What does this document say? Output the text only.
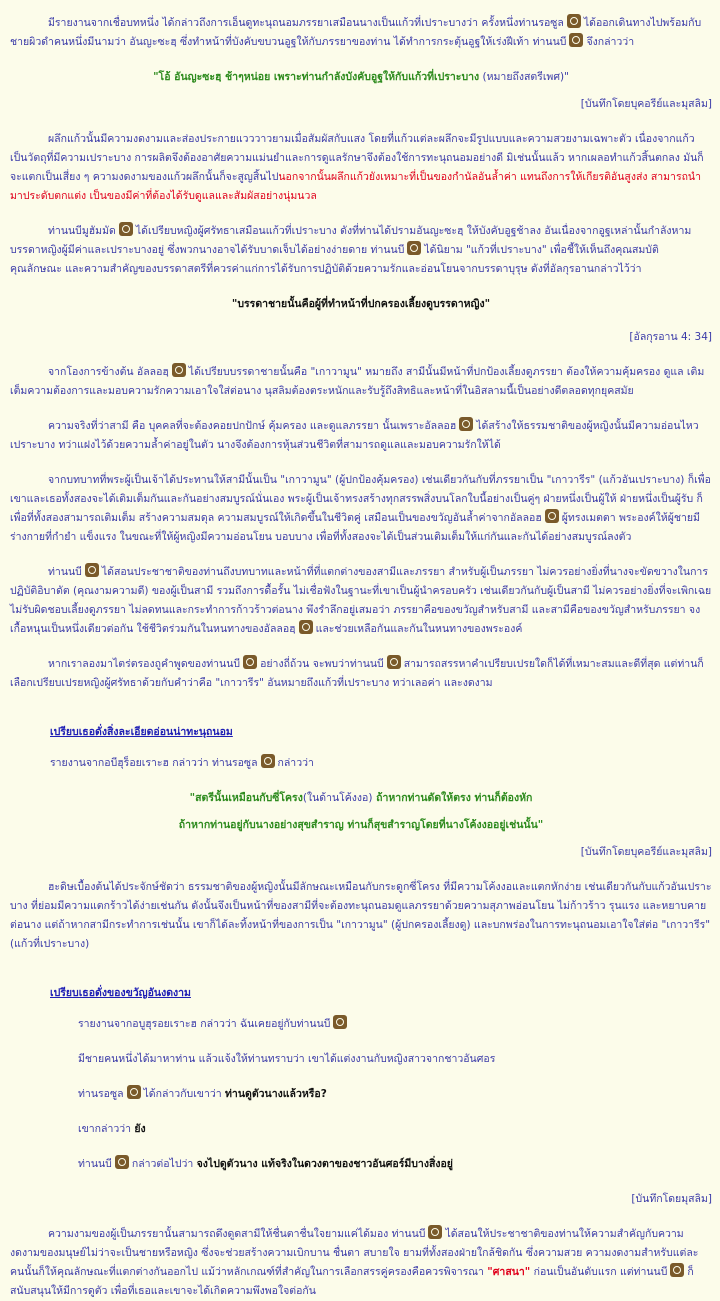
มีรายงานจากเชื่อบทหนึ่ง ได้กล่าวถึงการเอ็นดูทะนุถนอมภรรยาเสมือนนางเป็นแก้วที่เปราะบางว่า ครั้งหนึ่งท่านรอซูล ได้ออกเดินทางไปพร้อมกับชายผิวดำคนหนึ่งมีนามว่า อันญะซะฮฺ ซึ่งทำหน้าที่บังคับขบวนอูฐให้กับภรรยาของท่าน ได้ทำการกระตุ้นอูฐให้เร่งฝีเท้า ท่านนบี จึงกล่าวว่า

"โอ้ อันญะซะฮฺ ช้าๆหน่อย เพราะท่านกำลังบังคับอูฐให้กับแก้วที่เปราะบาง (หมายถึงสตรีเพศ)"

[บันทึกโดยบุคอรีย์และมุสลิม]

ผลึกแก้วนั้นมีความงดงามและส่องประกายแวววาวยามเมื่อสัมผัสกับแสง โดยที่แก้วแต่ละผลึกจะมีรูปแบบและความสวยงามเฉพาะตัว เนื่องจากแก้วเป็นวัตถุที่มีความเปราะบาง การผลิตจึงต้องอาศัยความแม่นยำและการดูแลรักษาจึงต้องใช้การทะนุถนอมอย่างดี มิเช่นนั้นแล้ว หากเผลอทำแก้วสิ้นตกลง มันก็จะแตกเป็นเสี่ยง ๆ ความงดงามของแก้วผลึกนั้นก็จะสูญสิ้นไปนอกจากนั้นผลึกแก้วยังเหมาะที่เป็นของกำนัลอันล้ำค่า แทนถึงการให้เกียรติอันสูงส่ง สามารถนำมาประดับตกแต่ง เป็นของมีค่าที่ต้องได้รับดูแลและสัมผัสอย่างนุ่มนวล

ท่านนบีมูฮัมมัด ได้เปรียบหญิงผู้ศรัทธาเสมือนแก้วที่เปราะบาง ดังที่ท่านได้ปรามอันญะซะฮฺ ให้บังคับอูฐช้าลง อันเนื่องจากอูฐเหล่านั้นกำลังหามบรรดาหญิงผู้มีค่าและเปราะบางอยู่ ซึ่งพวกนางอาจได้รับบาดเจ็บได้อย่างง่ายดาย ท่านนบี ได้นิยาม "แก้วที่เปราะบาง" เพื่อชี้ให้เห็นถึงคุณสมบัติ คุณลักษณะ และความสำคัญของบรรดาสตรีที่ควรค่าแก่การได้รับการปฏิบัติด้วยความรักและอ่อนโยนจากบรรดาบุรุษ ดังที่อัลกุรอานกล่าวไว้ว่า

"บรรดาชายนั้นคือผู้ที่ทำหน้าที่ปกครองเลี้ยงดูบรรดาหญิง"

[อัลกุรอาน 4: 34]

จากโองการข้างต้น อัลลอฮฺ ได้เปรียบบรรดาชายนั้นคือ "เกาวามูน" หมายถึง สามีนั้นมีหน้าที่ปกป้องเลี้ยงดูภรรยา ต้องให้ความคุ้มครอง ดูแล เติมเต็มความต้องการและมอบความรักความเอาใจใส่ต่อนาง นุสลิมต้องตระหนักและรับรู้ถึงสิทธิและหน้าที่ในอิสลามนี้เป็นอย่างดีตลอดทุกยุคสมัย

ความจริงที่ว่าสามี คือ บุคคลที่จะต้องคอยปกปักษ์ คุ้มครอง และดูแลภรรยา นั้นเพราะอัลลอฮ ได้สร้างให้ธรรมชาติของผู้หญิงนั้นมีความอ่อนไหวเปราะบาง ทว่าแฝงไว้ด้วยความล้ำค่าอยู่ในตัว นางจึงต้องการหุ้นส่วนชีวิตที่สามารถดูแลและมอบความรักให้ได้

จากบทบาทที่พระผู้เป็นเจ้าได้ประทานให้สามีนั้นเป็น "เกาวามูน" (ผู้ปกป้องคุ้มครอง) เช่นเดียวกันกับที่ภรรยาเป็น "เกาวารีร" (แก้วอันเปราะบาง) ก็เพื่อเขาและเธอทั้งสองจะได้เติมเต็มกันและกันอย่างสมบูรณ์นั่นเอง พระผู้เป็นเจ้าทรงสร้างทุกสรรพสิ่งบนโลกใบนี้อย่างเป็นคู่ๆ ฝ่ายหนึ่งเป็นผู้ให้ ฝ่ายหนึ่งเป็นผู้รับ ก็เพื่อที่ทั้งสองสามารถเติมเต็ม สร้างความสมดุล ความสมบูรณ์ให้เกิดขึ้นในชีวิตคู่ เสมือนเป็นของขวัญอันล้ำค่าจากอัลลอฮ ผู้ทรงเมตตา พระองค์ให้ผู้ชายมีร่างกายที่กำยำ แข็งแรง ในขณะที่ให้ผู้หญิงมีความอ่อนโยน บอบบาง เพื่อที่ทั้งสองจะได้เป็นส่วนเติมเต็มให้แก่กันและกันได้อย่างสมบูรณ์ลงตัว

ท่านนบี ได้สอนประชาชาติของท่านถึงบทบาทและหน้าที่ที่แตกต่างของสามีและภรรยา สำหรับผู้เป็นภรรยา ไม่ควรอย่างยิ่งที่นางจะขัดขวางในการปฏิบัติอิบาดัต (คุณงามความดี) ของผู้เป็นสามี รวมถึงการดื้อรั้น ไม่เชื่อฟังในฐานะที่เขาเป็นผู้นำครอบครัว เช่นเดียวกันกับผู้เป็นสามี ไม่ควรอย่างยิ่งที่จะเพิกเฉย ไม่รับผิดชอบเลี้ยงดูภรรยา ไม่ลดทนและกระทำการก้าวร้าวต่อนาง พึงรำลึกอยู่เสมอว่า ภรรยาคือของขวัญสำหรับสามี และสามีคือของขวัญสำหรับภรรยา จงเกื้อหนุนเป็นหนึ่งเดียวต่อกัน ใช้ชีวิตร่วมกันในหนทางของอัลลอฮฺ และช่วยเหลือกันและกันในหนทางของพระองค์

หากเราลองมาไตร่ตรองถูคำพูดของท่านนบี อย่างถี่ถ้วน จะพบว่าท่านนบี สามารถสรรหาคำเปรียบเปรยใดก็ได้ที่เหมาะสมและดีที่สุด แต่ท่านก็เลือกเปรียบเปรยหญิงผู้ศรัทธาด้วยกับคำว่าคือ "เกาวารีร" อันหมายถึงแก้วที่เปราะบาง ทว่าเลอค่า และงดงาม

เปรียบเธอดั่งสิ่งละเอียดอ่อนน่าทะนุถนอม

รายงานจากอบีฮุร็อยเราะฮ กล่าวว่า ท่านรอซูล กล่าวว่า

"สตรีนั้นเหมือนกับซี่โครง(ในด้านโค้งงอ) ถ้าหากท่านดัดให้ตรง ท่านก็ต้องหัก

ถ้าหากท่านอยู่กับนางอย่างสุขสำราญ ท่านก็สุขสำราญโดยที่นางโค้งงออยู่เช่นนั้น"

[บันทึกโดยบุคอรีย์และมุสลิม]

ฮะดิษเบื้องต้นได้ประจักษ์ชัดว่า ธรรมชาติของผู้หญิงนั้นมีลักษณะเหมือนกับกระดูกซี่โครง ที่มีความโค้งงอและแตกหักง่าย เช่นเดียวกันกับแก้วอันเปราะบาง ที่ย่อมมีความแตกร้าวได้ง่ายเช่นกัน ดังนั้นจึงเป็นหน้าที่ของสามีที่จะต้องทะนุถนอมดูแลภรรยาด้วยความสุภาพอ่อนโยน ไม่ก้าวร้าว รุนแรง และหยาบคายต่อนาง แต่ถ้าหากสามีกระทำการเช่นนั้น เขาก็ได้ละทิ้งหน้าที่ของการเป็น "เกาวามูน" (ผู้ปกครองเลี้ยงดู) และบกพร่องในการทะนุถนอมเอาใจใส่ต่อ "เกาวารีร" (แก้วที่เปราะบาง)

เปรียบเธอดั่งของขวัญอันงดงาม

รายงานจากอบูฮุรอยเราะฮ กล่าวว่า ฉันเคยอยู่กับท่านนบี

มีชายคนหนึ่งได้มาหาท่าน แล้วแจ้งให้ท่านทราบว่า เขาได้แต่งงานกับหญิงสาวจากชาวอันศอร

ท่านรอซูล ได้กล่าวกับเขาว่า ท่านดูตัวนางแล้วหรือ?

เขากล่าวว่า ยัง

ท่านนบี กล่าวต่อไปว่า จงไปดูตัวนาง แท้จริงในดวงตาของชาวอันศอร์มีบางสิ่งอยู่

[บันทึกโดยมุสลิม]

ความงามของผู้เป็นภรรยานั้นสามารถดึงดูดสามีให้ชื่นตาชื่นใจยามแค่ได้มอง ท่านนบี ได้สอนให้ประชาชาติของท่านให้ความสำคัญกับความงดงามของมนุษย์ไม่ว่าจะเป็นชายหรือหญิง ซึ่งจะช่วยสร้างความเบิกบาน ชื่นตา สบายใจ ยามที่ทั้งสองฝ่ายใกล้ชิดกัน ซึ่งความสวย ความงดงามสำหรับแต่ละคนนั้นก็ให้คุณลักษณะที่แตกต่างกันออกไป แม้ว่าหลักเกณฑ์ที่สำคัญในการเลือกสรรคู่ครองคือควรพิจารณา "ศาสนา" ก่อนเป็นอันดับแรก แต่ท่านนบี ก็สนับสนุนให้มีการดูตัว เพื่อที่เธอและเขาจะได้เกิดความพึงพอใจต่อกัน
